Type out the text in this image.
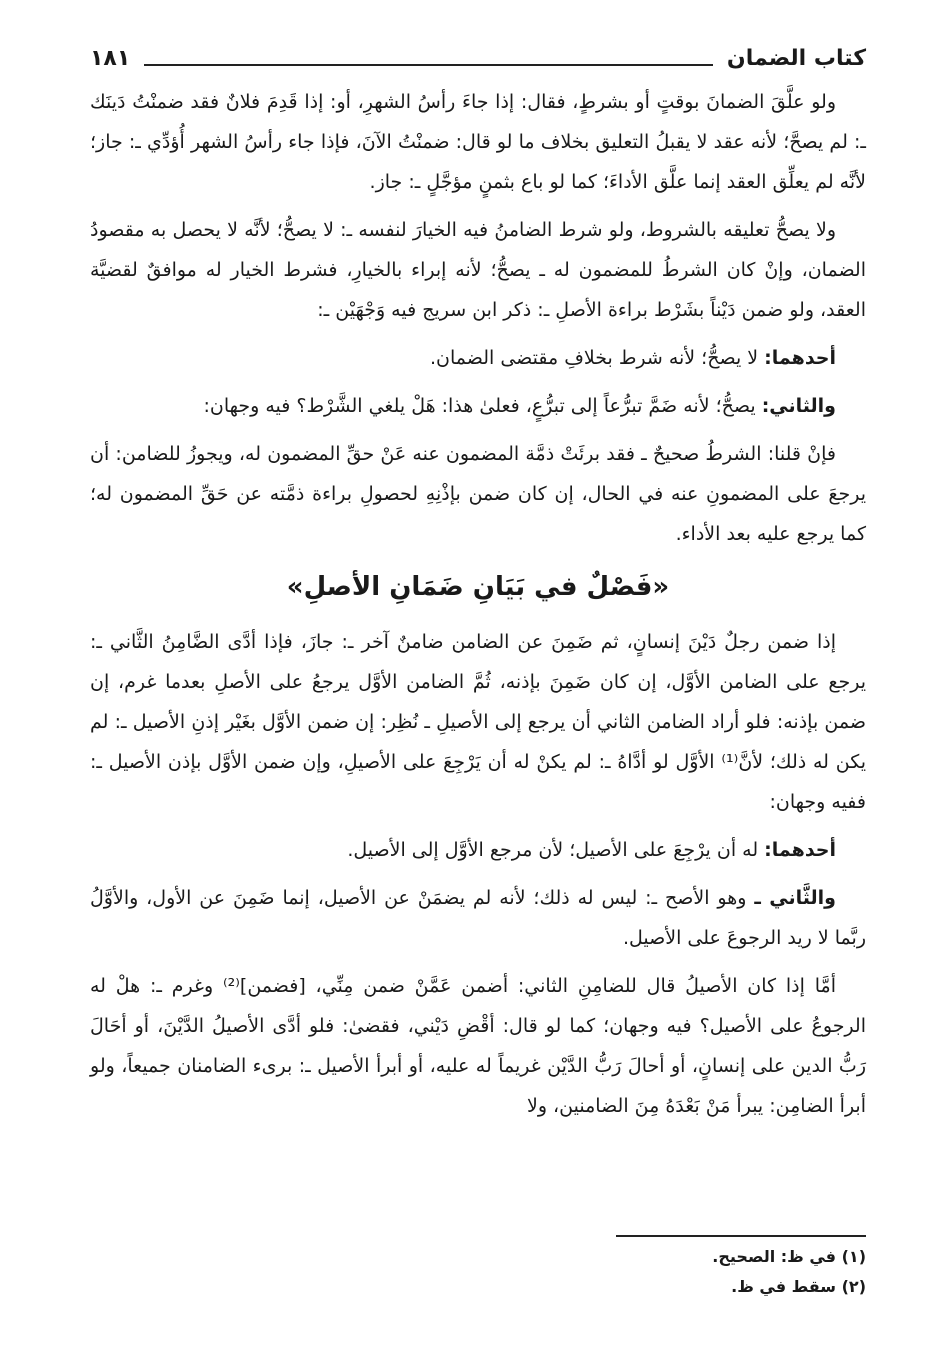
كتاب الضمان
١٨١

ولو علَّقَ الضمانَ بوقتٍ أو بشرطٍ، فقال: إذا جاءَ رأسُ الشهرِ، أو: إذا قَدِمَ فلانٌ فقد ضمنْتُ دَينَك ـ: لم يصحَّ؛ لأنه عقد لا يقبلُ التعليق بخلاف ما لو قال: ضمنْتُ الآنَ، فإذا جاء رأسُ الشهر أُؤدِّي ـ: جاز؛ لأنَّه لم يعلِّق العقد إنما علَّق الأداءَ؛ كما لو باع بثمنٍ مؤجَّلٍ ـ: جاز.

ولا يصحُّ تعليقه بالشروط، ولو شرط الضامنُ فيه الخيارَ لنفسه ـ: لا يصحُّ؛ لأنَّه لا يحصل به مقصودُ الضمان، وإنْ كان الشرطُ للمضمون له ـ يصحُّ؛ لأنه إبراء بالخيارِ، فشرط الخيار له موافقٌ لقضيَّة العقد، ولو ضمن دَيْناً بشَرْط براءة الأصلِ ـ: ذكر ابن سريج فيه وَجْهَيْن ـ:

أحدهما: لا يصحُّ؛ لأنه شرط بخلافِ مقتضى الضمان.

والثاني: يصحُّ؛ لأنه ضَمَّ تبرُّعاً إلى تبرُّعٍ، فعلىٰ هذا: هَلْ يلغي الشَّرْط؟ فيه وجهان:

فإنْ قلنا: الشرطُ صحيحٌ ـ فقد برئَتْ ذمَّة المضمون عنه عَنْ حقِّ المضمون له، ويجوزُ للضامن: أن يرجعَ على المضمونِ عنه في الحال، إن كان ضمن بإذْنِهِ لحصولِ براءة ذمَّته عن حَقِّ المضمون له؛ كما يرجع عليه بعد الأداء.

«فَصْلٌ في بَيَانِ ضَمَانِ الأصلِ»

إذا ضمن رجلٌ دَيْنَ إنسانٍ، ثم ضَمِنَ عن الضامن ضامنٌ آخر ـ: جازَ، فإذا أدَّى الضَّامِنُ الثَّاني ـ: يرجع على الضامن الأوَّل، إن كان ضَمِنَ بإذنه، ثُمَّ الضامن الأوَّل يرجعُ على الأصلِ بعدما غرم، إن ضمن بإذنه: فلو أراد الضامن الثاني أن يرجع إلى الأصيلِ ـ نُظِر: إن ضمن الأوَّل بغَيْر إذنِ الأصيل ـ: لم يكن له ذلك؛ لأنَّ⁽¹⁾ الأوَّل لو أدَّاهُ ـ: لم يكنْ له أن يَرْجِعَ على الأصيلِ، وإن ضمن الأوَّل بإذن الأصيل ـ: ففيه وجهان:

أحدهما: له أن يرْجِعَ على الأصيل؛ لأن مرجع الأوَّل إلى الأصيل.

والثَّاني ـ وهو الأصح ـ: ليس له ذلك؛ لأنه لم يضمَنْ عن الأصيل، إنما ضَمِنَ عن الأول، والأوَّلُ ربَّما لا ريد الرجوعَ على الأصيل.

أمَّا إذا كان الأصيلُ قال للضامِنِ الثاني: أضمن عَمَّنْ ضمن مِنِّي، [فضمن]⁽²⁾ وغرم ـ: هلْ له الرجوعُ على الأصيل؟ فيه وجهان؛ كما لو قال: أقْضِ دَيْني، فقضىٰ: فلو أدَّى الأصيلُ الدَّيْنَ، أو أحَالَ رَبُّ الدين على إنسانٍ، أو أحالَ رَبُّ الدَّيْن غريماً له عليه، أو أبرأ الأصيل ـ: برىء الضامنان جميعاً، ولو أبرأ الضامِن: يبرأ مَنْ بَعْدَهُ مِنَ الضامنين، ولا

(١) في ظ: الصحيح.

(٢) سقط في ظ.
